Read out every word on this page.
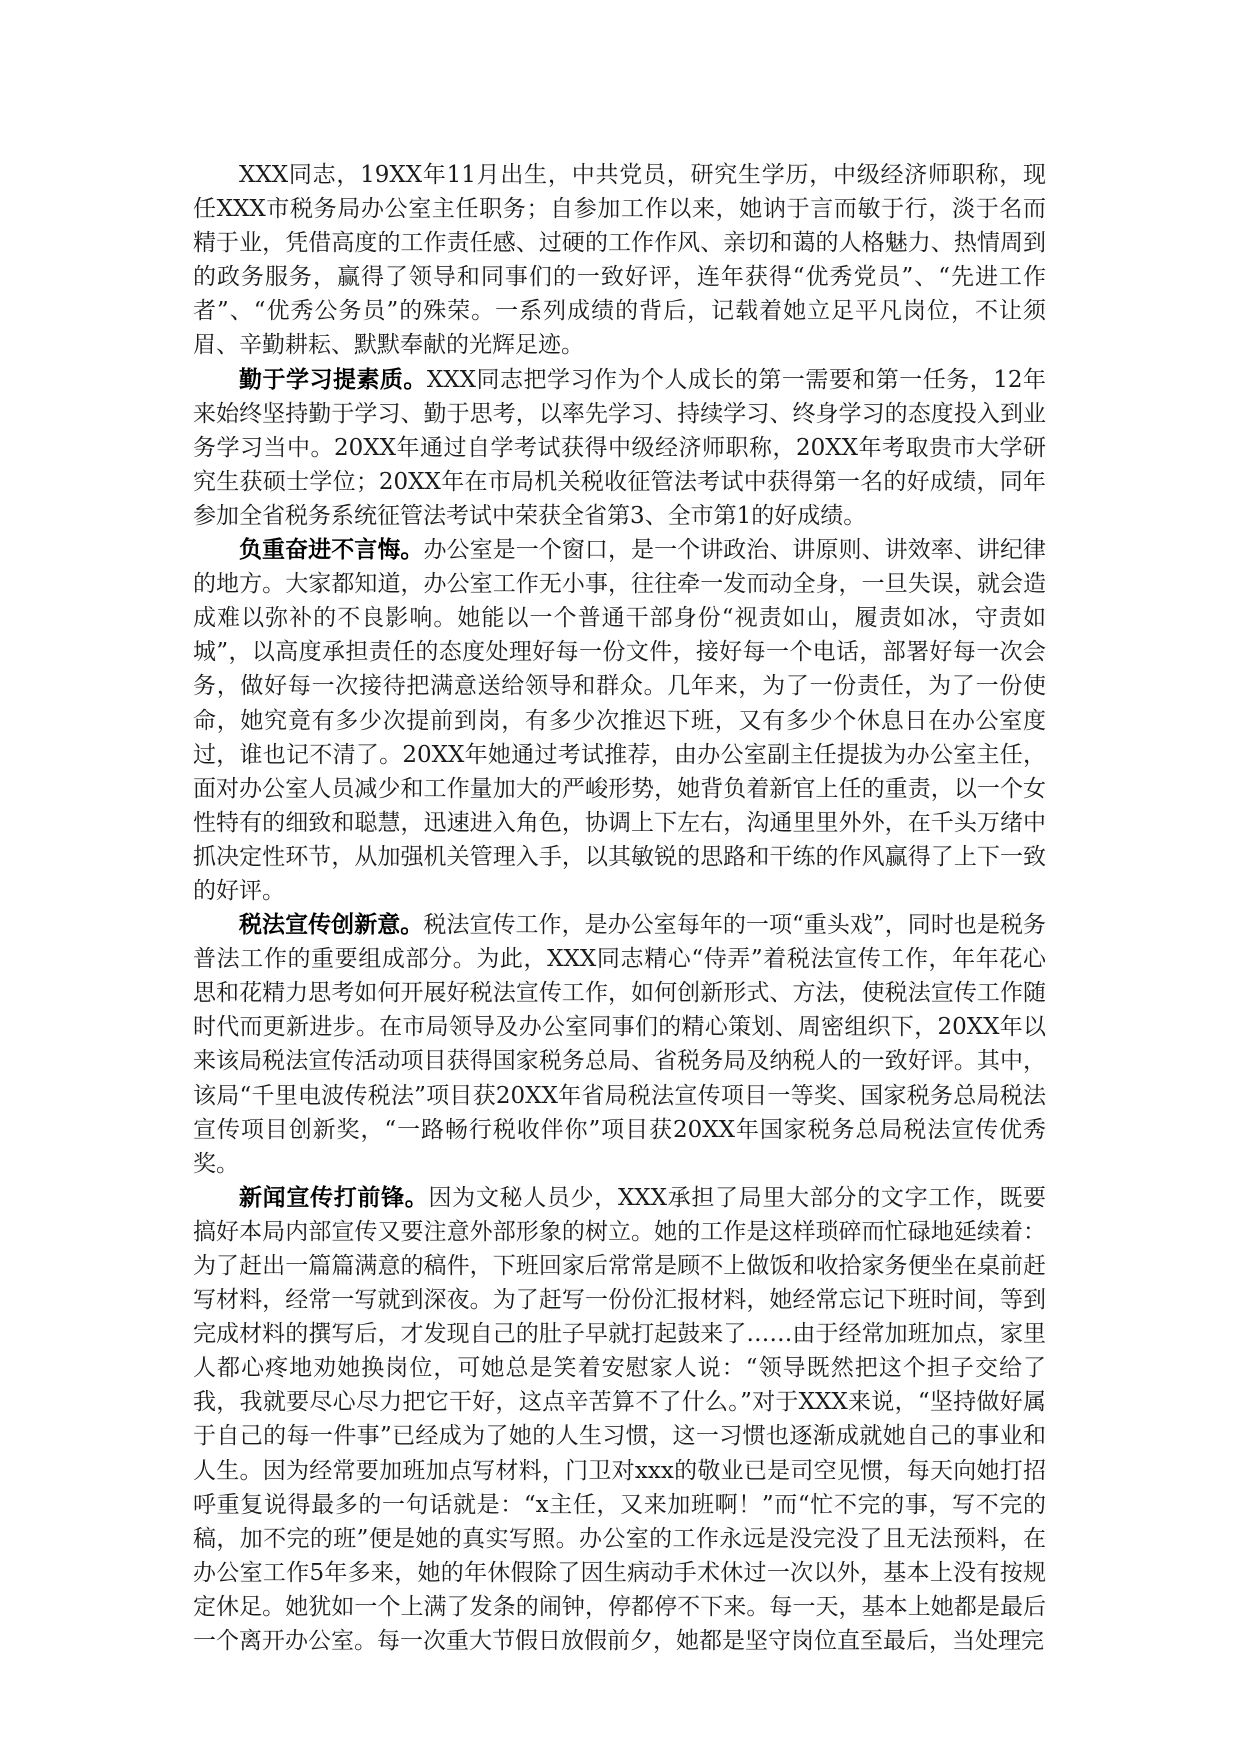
XXX同志，19XX年11月出生，中共党员，研究生学历，中级经济师职称，现任XXX市税务局办公室主任职务；自参加工作以来，她讷于言而敏于行，淡于名而精于业，凭借高度的工作责任感、过硬的工作作风、亲切和蔼的人格魅力、热情周到的政务服务，赢得了领导和同事们的一致好评，连年获得“优秀党员”、“先进工作者”、“优秀公务员”的殊荣。一系列成绩的背后，记载着她立足平凡岗位，不让须眉、辛勤耕耘、默默奉献的光辉足迹。

勤于学习提素质。XXX同志把学习作为个人成长的第一需要和第一任务，12年来始终坚持勤于学习、勤于思考，以率先学习、持续学习、终身学习的态度投入到业务学习当中。20XX年通过自学考试获得中级经济师职称，20XX年考取贵市大学研究生获硕士学位；20XX年在市局机关税收征管法考试中获得第一名的好成绩，同年参加全省税务系统征管法考试中荣获全省第3、全市第1的好成绩。

负重奋进不言悔。办公室是一个窗口，是一个讲政治、讲原则、讲效率、讲纪律的地方。大家都知道，办公室工作无小事，往往牵一发而动全身，一旦失误，就会造成难以弥补的不良影响。她能以一个普通干部身份“视责如山，履责如冰，守责如城”，以高度承担责任的态度处理好每一份文件，接好每一个电话，部署好每一次会务，做好每一次接待把满意送给领导和群众。几年来，为了一份责任，为了一份使命，她究竟有多少次提前到岗，有多少次推迟下班，又有多少个休息日在办公室度过，谁也记不清了。20XX年她通过考试推荐，由办公室副主任提拔为办公室主任，面对办公室人员减少和工作量加大的严峻形势，她背负着新官上任的重责，以一个女性特有的细致和聪慧，迅速进入角色，协调上下左右，沟通里里外外，在千头万绪中抓决定性环节，从加强机关管理入手，以其敏锐的思路和干练的作风赢得了上下一致的好评。

税法宣传创新意。税法宣传工作，是办公室每年的一项“重头戏”，同时也是税务普法工作的重要组成部分。为此，XXX同志精心“侍弄”着税法宣传工作，年年花心思和花精力思考如何开展好税法宣传工作，如何创新形式、方法，使税法宣传工作随时代而更新进步。在市局领导及办公室同事们的精心策划、周密组织下，20XX年以来该局税法宣传活动项目获得国家税务总局、省税务局及纳税人的一致好评。其中，该局“千里电波传税法”项目获20XX年省局税法宣传项目一等奖、国家税务总局税法宣传项目创新奖，“一路畅行税收伴你”项目获20XX年国家税务总局税法宣传优秀奖。

新闻宣传打前锋。因为文秘人员少，XXX承担了局里大部分的文字工作，既要搞好本局内部宣传又要注意外部形象的树立。她的工作是这样琐碎而忙碌地延续着：为了赶出一篇篇满意的稿件，下班回家后常常是顾不上做饭和收拾家务便坐在桌前赶写材料，经常一写就到深夜。为了赶写一份份汇报材料，她经常忘记下班时间，等到完成材料的撰写后，才发现自己的肚子早就打起鼓来了……由于经常加班加点，家里人都心疼地劝她换岗位，可她总是笑着安慰家人说：“领导既然把这个担子交给了我，我就要尽心尽力把它干好，这点辛苦算不了什么。”对于XXX来说，“坚持做好属于自己的每一件事”已经成为了她的人生习惯，这一习惯也逐渐成就她自己的事业和人生。因为经常要加班加点写材料，门卫对xxx的敬业已是司空见惯，每天向她打招呼重复说得最多的一句话就是：“x主任，又来加班啊！”而“忙不完的事，写不完的稿，加不完的班”便是她的真实写照。办公室的工作永远是没完没了且无法预料，在办公室工作5年多来，她的年休假除了因生病动手术休过一次以外，基本上没有按规定休足。她犹如一个上满了发条的闹钟，停都停不下来。每一天，基本上她都是最后一个离开办公室。每一次重大节假日放假前夕，她都是坚守岗位直至最后，当处理完
